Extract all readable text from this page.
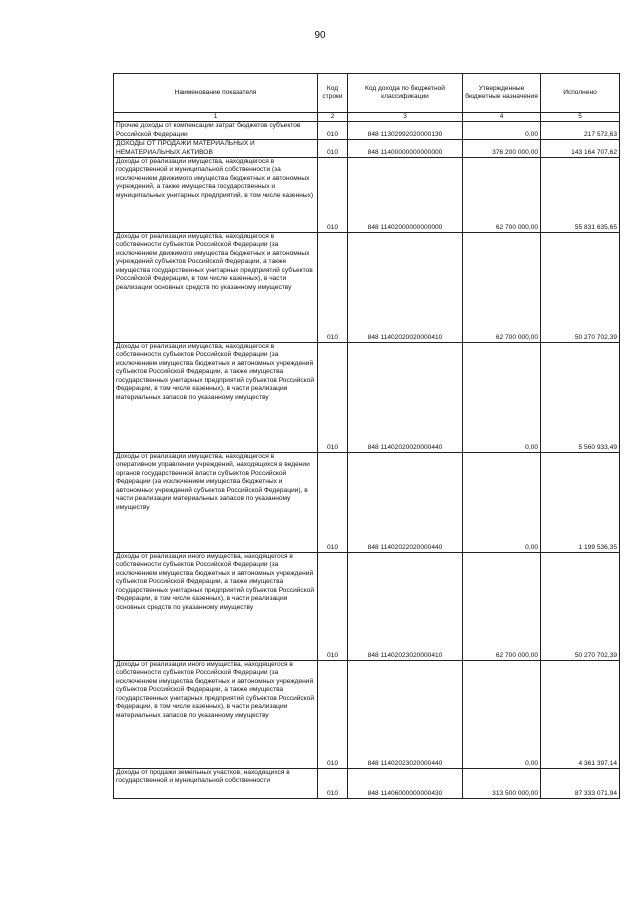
90
Наименование показателя	Код строки	Код дохода по бюджетной классификации	Утвержденные бюджетные назначения	Исполнено
1	2	3	4	5
Прочие доходы от компенсации затрат бюджетов субъектов Российской Федерации	010	848 11302992020000130	0,00	217 572,63
ДОХОДЫ ОТ ПРОДАЖИ МАТЕРИАЛЬНЫХ И НЕМАТЕРИАЛЬНЫХ АКТИВОВ	010	848 11400000000000000	376 200 000,00	143 164 707,62
Доходы от реализации имущества, находящегося в государственной и муниципальной собственности (за исключением движимого имущества бюджетных и автономных учреждений, а также имущества государственных и муниципальных унитарных предприятий, в том числе казенных)	010	848 11402000000000000	62 700 000,00	55 831 635,65
Доходы от реализации имущества, находящегося в собственности субъектов Российской Федерации (за исключением движимого имущества бюджетных и автономных учреждений субъектов Российской Федерации, а также имущества государственных унитарных предприятий субъектов Российской Федерации, в том числе казенных), в части реализации основных средств по указанному имуществу	010	848 11402020020000410	62 700 000,00	50 270 702,39
Доходы от реализации имущества, находящегося в собственности субъектов Российской Федерации (за исключением имущества бюджетных и автономных учреждений субъектов Российской Федерации, а также имущества государственных унитарных предприятий субъектов Российской Федерации, в том числе казенных), в части реализации материальных запасов по указанному имуществу	010	848 11402020020000440	0,00	5 560 933,49
Доходы от реализации имущества, находящегося в оперативном управлении учреждений, находящихся в ведении органов государственной власти субъектов Российской Федерации (за исключением имущества бюджетных и автономных учреждений субъектов Российской Федерации), в части реализации материальных запасов по указанному имуществу	010	848 11402022020000440	0,00	1 199 536,35
Доходы от реализации иного имущества, находящегося в собственности субъектов Российской Федерации (за исключением имущества бюджетных и автономных учреждений субъектов Российской Федерации, а также имущества государственных унитарных предприятий субъектов Российской Федерации, в том числе казенных), в части реализации основных средств по указанному имуществу	010	848 11402023020000410	62 700 000,00	50 270 702,39
Доходы от реализации иного имущества, находящегося в собственности субъектов Российской Федерации (за исключением имущества бюджетных и автономных учреждений субъектов Российской Федерации, а также имущества государственных унитарных предприятий субъектов Российской Федерации, в том числе казенных), в части реализации материальных запасов по указанному имуществу	010	848 11402023020000440	0,00	4 361 397,14
Доходы от продажи земельных участков, находящихся в государственной и муниципальной собственности	010	848 11406000000000430	313 500 000,00	87 333 071,94
